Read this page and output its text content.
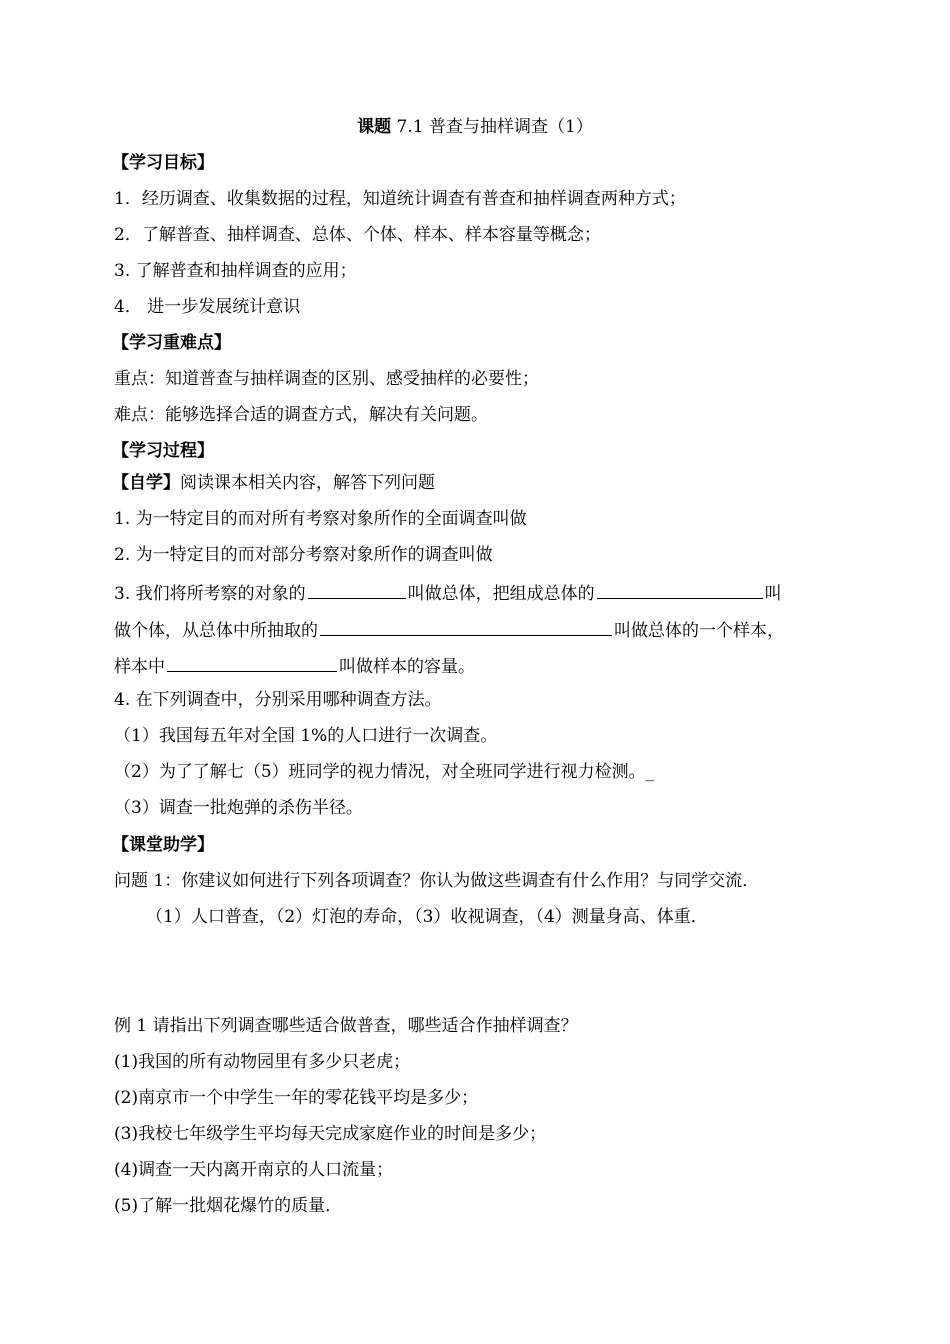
课题 7.1 普查与抽样调查（1）
【学习目标】
1．经历调查、收集数据的过程，知道统计调查有普查和抽样调查两种方式；
2．了解普查、抽样调查、总体、个体、样本、样本容量等概念；
3. 了解普查和抽样调查的应用；
4． 进一步发展统计意识
【学习重难点】
重点：知道普查与抽样调查的区别、感受抽样的必要性；
难点：能够选择合适的调查方式，解决有关问题。
【学习过程】
【自学】阅读课本相关内容，解答下列问题
1. 为一特定目的而对所有考察对象所作的全面调查叫做
2. 为一特定目的而对部分考察对象所作的调查叫做
3. 我们将所考察的对象的	叫做总体，把组成总体的	叫
做个体，从总体中所抽取的	叫做总体的一个样本，
样本中	叫做样本的容量。
4. 在下列调查中，分别采用哪种调查方法。
（1）我国每五年对全国 1%的人口进行一次调查。
（2）为了了解七（5）班同学的视力情况，对全班同学进行视力检测。_
（3）调查一批炮弹的杀伤半径。
【课堂助学】
问题 1：你建议如何进行下列各项调查？你认为做这些调查有什么作用？与同学交流．
（1）人口普查，（2）灯泡的寿命，（3）收视调查，（4）测量身高、体重．
例 1 请指出下列调查哪些适合做普查，哪些适合作抽样调查？
(1)我国的所有动物园里有多少只老虎；
(2)南京市一个中学生一年的零花钱平均是多少；
(3)我校七年级学生平均每天完成家庭作业的时间是多少；
(4)调查一天内离开南京的人口流量；
(5)了解一批烟花爆竹的质量．
